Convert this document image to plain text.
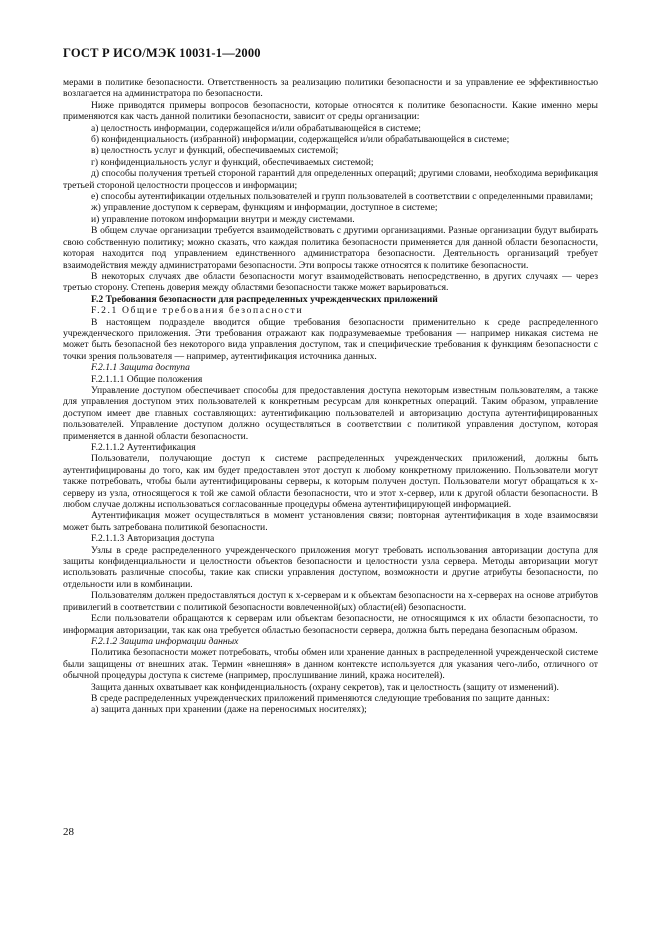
ГОСТ Р ИСО/МЭК 10031-1—2000

мерами в политике безопасности. Ответственность за реализацию политики безопасности и за управление ее эффективностью возлагается на администратора по безопасности.

Ниже приводятся примеры вопросов безопасности, которые относятся к политике безопасности. Какие именно меры применяются как часть данной политики безопасности, зависит от среды организации:

а) целостность информации, содержащейся и/или обрабатывающейся в системе;

б) конфиденциальность (избранной) информации, содержащейся и/или обрабатывающейся в системе;

в) целостность услуг и функций, обеспечиваемых системой;

г) конфиденциальность услуг и функций, обеспечиваемых системой;

д) способы получения третьей стороной гарантий для определенных операций; другими словами, необходима верификация третьей стороной целостности процессов и информации;

е) способы аутентификации отдельных пользователей и групп пользователей в соответствии с определенными правилами;

ж) управление доступом к серверам, функциям и информации, доступное в системе;

и) управление потоком информации внутри и между системами.

В общем случае организации требуется взаимодействовать с другими организациями. Разные организации будут выбирать свою собственную политику; можно сказать, что каждая политика безопасности применяется для данной области безопасности, которая находится под управлением единственного администратора безопасности. Деятельность организаций требует взаимодействия между администраторами безопасности. Эти вопросы также относятся к политике безопасности.

В некоторых случаях две области безопасности могут взаимодействовать непосредственно, в других случаях — через третью сторону. Степень доверия между областями безопасности также может варьироваться.

F.2 Требования безопасности для распределенных учрежденческих приложений

F.2.1 Общие требования безопасности

В настоящем подразделе вводится общие требования безопасности применительно к среде распределенного учрежденческого приложения. Эти требования отражают как подразумеваемые требования — например никакая система не может быть безопасной без некоторого вида управления доступом, так и специфические требования к функциям безопасности с точки зрения пользователя — например, аутентификация источника данных.

F.2.1.1 Защита доступа

F.2.1.1.1 Общие положения

Управление доступом обеспечивает способы для предоставления доступа некоторым известным пользователям, а также для управления доступом этих пользователей к конкретным ресурсам для конкретных операций. Таким образом, управление доступом имеет две главных составляющих: аутентификацию пользователей и авторизацию доступа аутентифицированных пользователей. Управление доступом должно осуществляться в соответствии с политикой управления доступом, которая применяется в данной области безопасности.

F.2.1.1.2 Аутентификация

Пользователи, получающие доступ к системе распределенных учрежденческих приложений, должны быть аутентифицированы до того, как им будет предоставлен этот доступ к любому конкретному приложению. Пользователи могут также потребовать, чтобы были аутентифицированы серверы, к которым получен доступ. Пользователи могут обращаться к x-серверу из узла, относящегося к той же самой области безопасности, что и этот x-сервер, или к другой области безопасности. В любом случае должны использоваться согласованные процедуры обмена аутентифицирующей информацией.

Аутентификация может осуществляться в момент установления связи; повторная аутентификация в ходе взаимосвязи может быть затребована политикой безопасности.

F.2.1.1.3 Авторизация доступа

Узлы в среде распределенного учрежденческого приложения могут требовать использования авторизации доступа для защиты конфиденциальности и целостности объектов безопасности и целостности узла сервера. Методы авторизации могут использовать различные способы, такие как списки управления доступом, возможности и другие атрибуты безопасности, по отдельности или в комбинации.

Пользователям должен предоставляться доступ к x-серверам и к объектам безопасности на x-серверах на основе атрибутов привилегий в соответствии с политикой безопасности вовлеченной(ых) области(ей) безопасности.

Если пользователи обращаются к серверам или объектам безопасности, не относящимся к их области безопасности, то информация авторизации, так как она требуется областью безопасности сервера, должна быть передана безопасным образом.

F.2.1.2 Защита информации данных

Политика безопасности может потребовать, чтобы обмен или хранение данных в распределенной учрежденческой системе были защищены от внешних атак. Термин «внешняя» в данном контексте используется для указания чего-либо, отличного от обычной процедуры доступа к системе (например, прослушивание линий, кража носителей).

Защита данных охватывает как конфиденциальность (охрану секретов), так и целостность (защиту от изменений).

В среде распределенных учрежденческих приложений применяются следующие требования по защите данных:

а) защита данных при хранении (даже на переносимых носителях);

28
